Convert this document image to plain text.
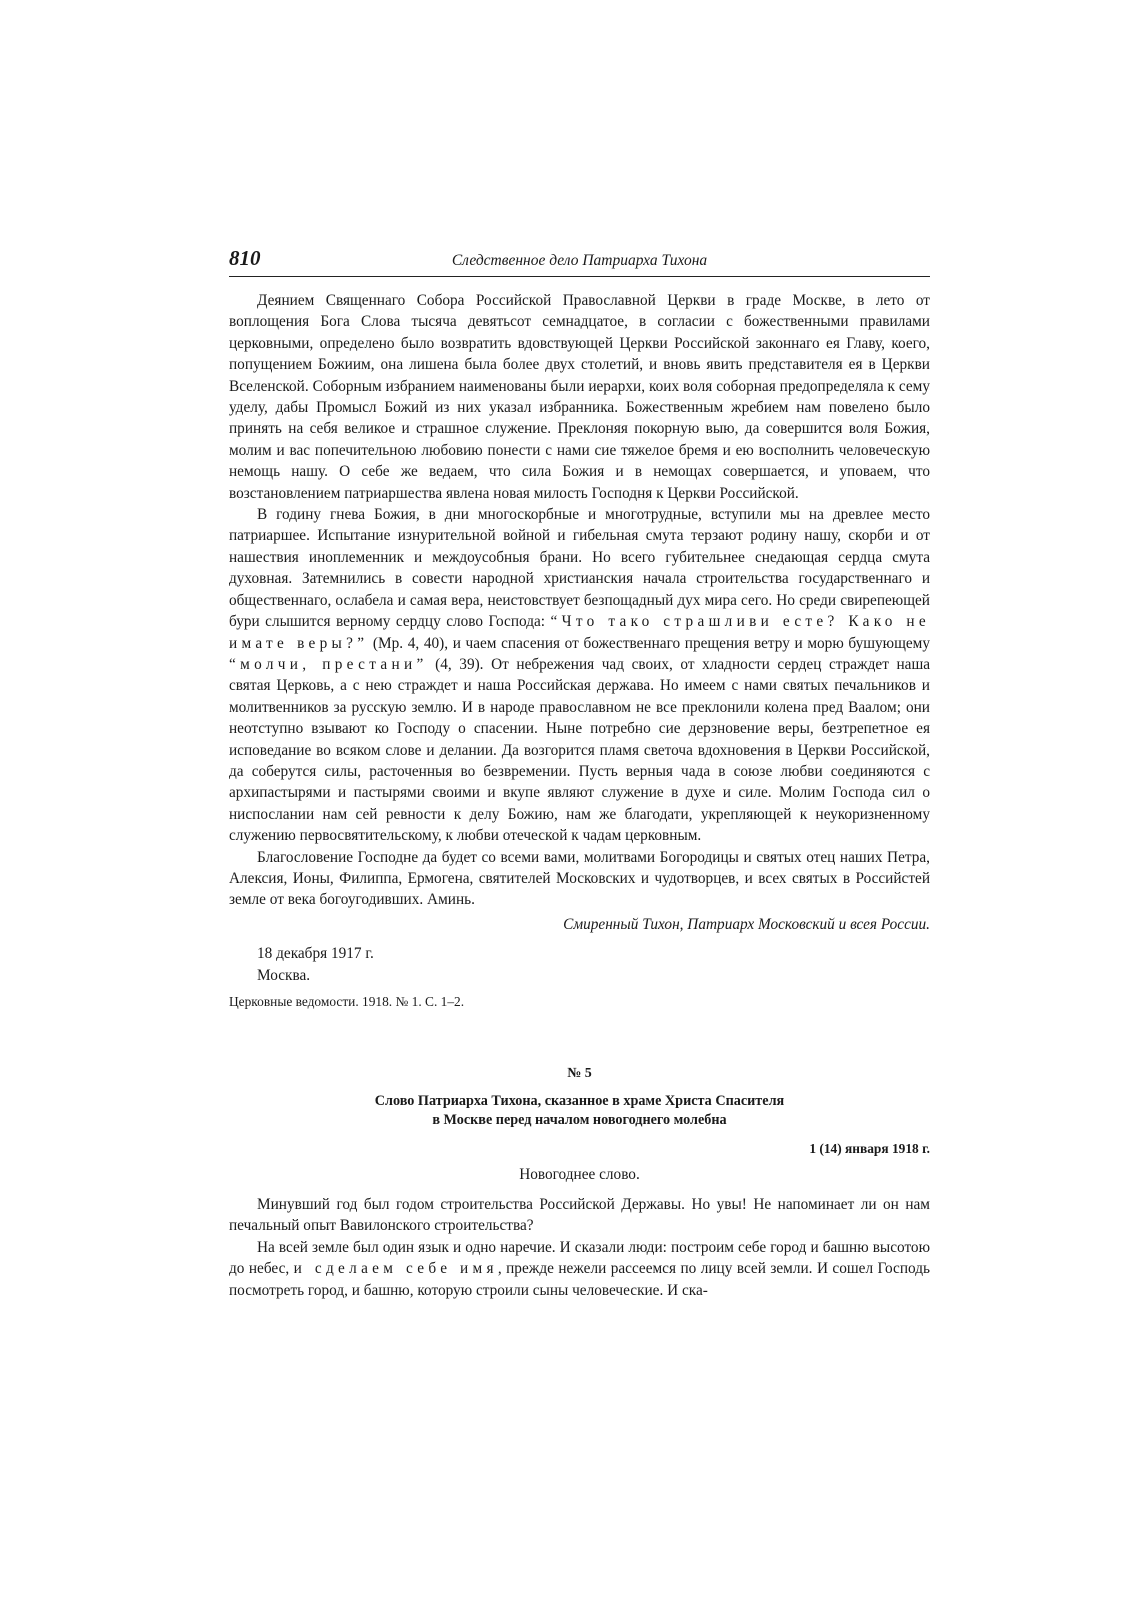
810	Следственное дело Патриарха Тихона

Деянием Священнаго Собора Российской Православной Церкви в граде Москве, в лето от воплощения Бога Слова тысяча девятьсот семнадцатое, в согласии с божественными правилами церковными, определено было возвратить вдовствующей Церкви Российской законнаго ея Главу, коего, попущением Божиим, она лишена была более двух столетий, и вновь явить представителя ея в Церкви Вселенской. Соборным избранием наименованы были иерархи, коих воля соборная предопределяла к сему уделу, дабы Промысл Божий из них указал избранника. Божественным жребием нам повелено было принять на себя великое и страшное служение. Преклоняя покорную выю, да совершится воля Божия, молим и вас попечительною любовию понести с нами сие тяжелое бремя и ею восполнить человеческую немощь нашу. О себе же ведаем, что сила Божия и в немощах совершается, и уповаем, что возстановлением патриаршества явлена новая милость Господня к Церкви Российской.

В годину гнева Божия, в дни многоскорбные и многотрудные, вступили мы на древлее место патриаршее. Испытание изнурительной войной и гибельная смута терзают родину нашу, скорби и от нашествия иноплеменник и междоусобныя брани. Но всего губительнее снедающая сердца смута духовная. Затемнились в совести народной христианския начала строительства государственнаго и общественнаго, ослабела и самая вера, неистовствует безпощадный дух мира сего. Но среди свирепеющей бури слышится верному сердцу слово Господа: “Что тако страшливи есте? Како не имате веры?” (Мр. 4, 40), и чаем спасения от божественнаго прещения ветру и морю бушующему “молчи, престани” (4, 39). От небрежения чад своих, от хладности сердец страждет наша святая Церковь, а с нею страждет и наша Российская держава. Но имеем с нами святых печальников и молитвенников за русскую землю. И в народе православном не все преклонили колена пред Ваалом; они неотступно взывают ко Господу о спасении. Ныне потребно сие дерзновение веры, безтрепетное ея исповедание во всяком слове и делании. Да возгорится пламя светоча вдохновения в Церкви Российской, да соберутся силы, расточенныя во безвремении. Пусть верныя чада в союзе любви соединяются с архипастырями и пастырями своими и вкупе являют служение в духе и силе. Молим Господа сил о ниспослании нам сей ревности к делу Божию, нам же благодати, укрепляющей к неукоризненному служению первосвятительскому, к любви отеческой к чадам церковным.

Благословение Господне да будет со всеми вами, молитвами Богородицы и святых отец наших Петра, Алексия, Ионы, Филиппа, Ермогена, святителей Московских и чудотворцев, и всех святых в Российстей земле от века богоугодивших. Аминь.

Смиренный Тихон, Патриарх Московский и всея России.
18 декабря 1917 г.
Москва.
Церковные ведомости. 1918. № 1. С. 1–2.
№ 5
Слово Патриарха Тихона, сказанное в храме Христа Спасителя
в Москве перед началом новогоднего молебна
1 (14) января 1918 г.
Новогоднее слово.

Минувший год был годом строительства Российской Державы. Но увы! Не напоминает ли он нам печальный опыт Вавилонского строительства?

На всей земле был один язык и одно наречие. И сказали люди: построим себе город и башню высотою до небес, и сделаем себе имя, прежде нежели рассеемся по лицу всей земли. И сошел Господь посмотреть город, и башню, которую строили сыны человеческие. И ска-
